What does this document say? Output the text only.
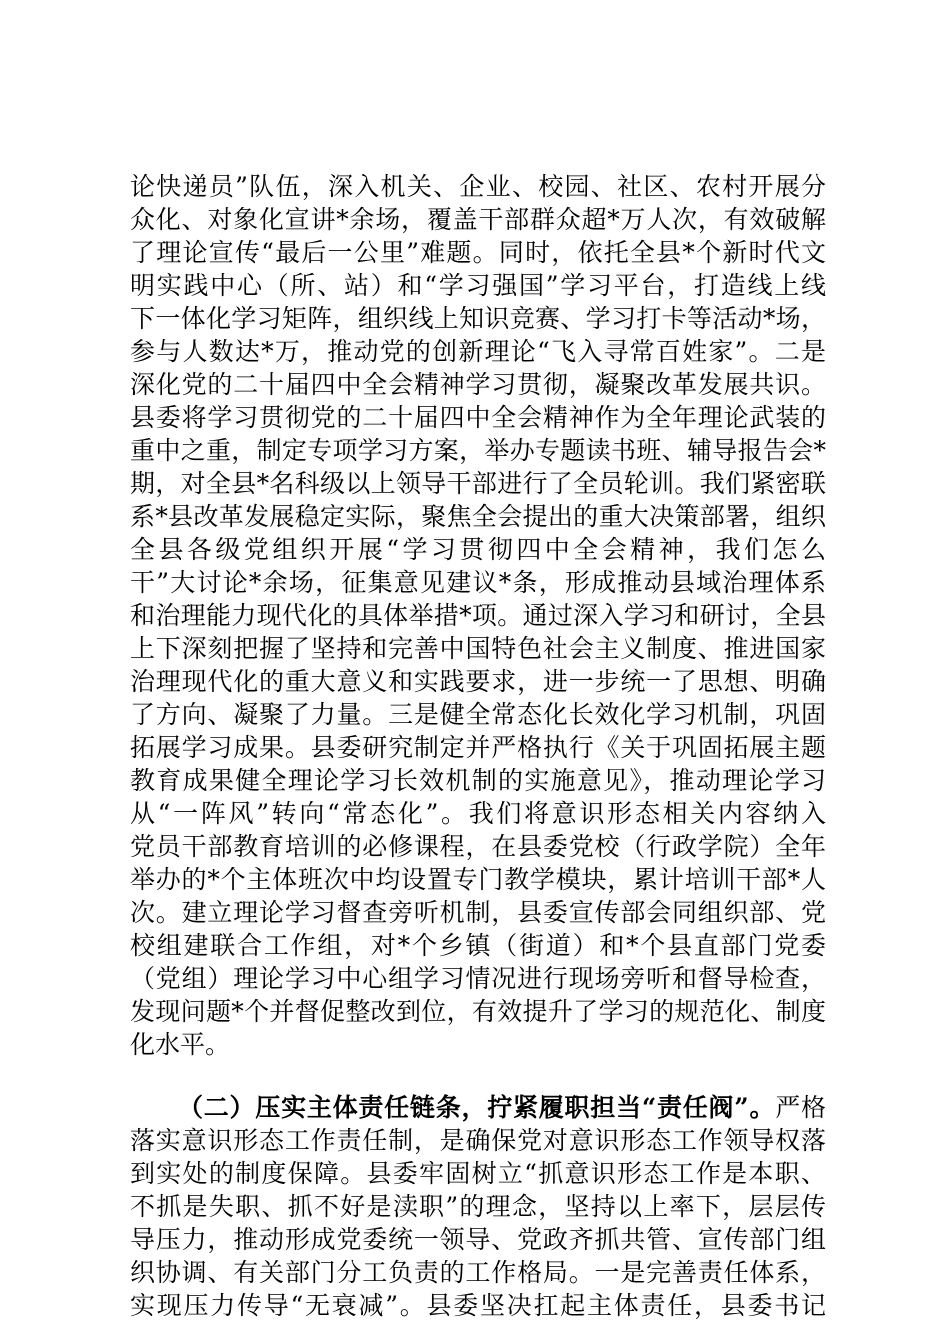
论快递员”队伍，深入机关、企业、校园、社区、农村开展分
众化、对象化宣讲*余场，覆盖干部群众超*万人次，有效破解
了理论宣传“最后一公里”难题。同时，依托全县*个新时代文
明实践中心（所、站）和“学习强国”学习平台，打造线上线
下一体化学习矩阵，组织线上知识竞赛、学习打卡等活动*场，
参与人数达*万，推动党的创新理论“飞入寻常百姓家”。二是
深化党的二十届四中全会精神学习贯彻，凝聚改革发展共识。
县委将学习贯彻党的二十届四中全会精神作为全年理论武装的
重中之重，制定专项学习方案，举办专题读书班、辅导报告会*
期，对全县*名科级以上领导干部进行了全员轮训。我们紧密联
系*县改革发展稳定实际，聚焦全会提出的重大决策部署，组织
全县各级党组织开展“学习贯彻四中全会精神，我们怎么
干”大讨论*余场，征集意见建议*条，形成推动县域治理体系
和治理能力现代化的具体举措*项。通过深入学习和研讨，全县
上下深刻把握了坚持和完善中国特色社会主义制度、推进国家
治理现代化的重大意义和实践要求，进一步统一了思想、明确
了方向、凝聚了力量。三是健全常态化长效化学习机制，巩固
拓展学习成果。县委研究制定并严格执行《关于巩固拓展主题
教育成果健全理论学习长效机制的实施意见》，推动理论学习
从“一阵风”转向“常态化”。我们将意识形态相关内容纳入
党员干部教育培训的必修课程，在县委党校（行政学院）全年
举办的*个主体班次中均设置专门教学模块，累计培训干部*人
次。建立理论学习督查旁听机制，县委宣传部会同组织部、党
校组建联合工作组，对*个乡镇（街道）和*个县直部门党委
（党组）理论学习中心组学习情况进行现场旁听和督导检查，
发现问题*个并督促整改到位，有效提升了学习的规范化、制度
化水平。
（二）压实主体责任链条，拧紧履职担当“责任阀”。严格
落实意识形态工作责任制，是确保党对意识形态工作领导权落
到实处的制度保障。县委牢固树立“抓意识形态工作是本职、
不抓是失职、抓不好是渎职”的理念，坚持以上率下，层层传
导压力，推动形成党委统一领导、党政齐抓共管、宣传部门组
织协调、有关部门分工负责的工作格局。一是完善责任体系，
实现压力传导“无衰减”。县委坚决扛起主体责任，县委书记
